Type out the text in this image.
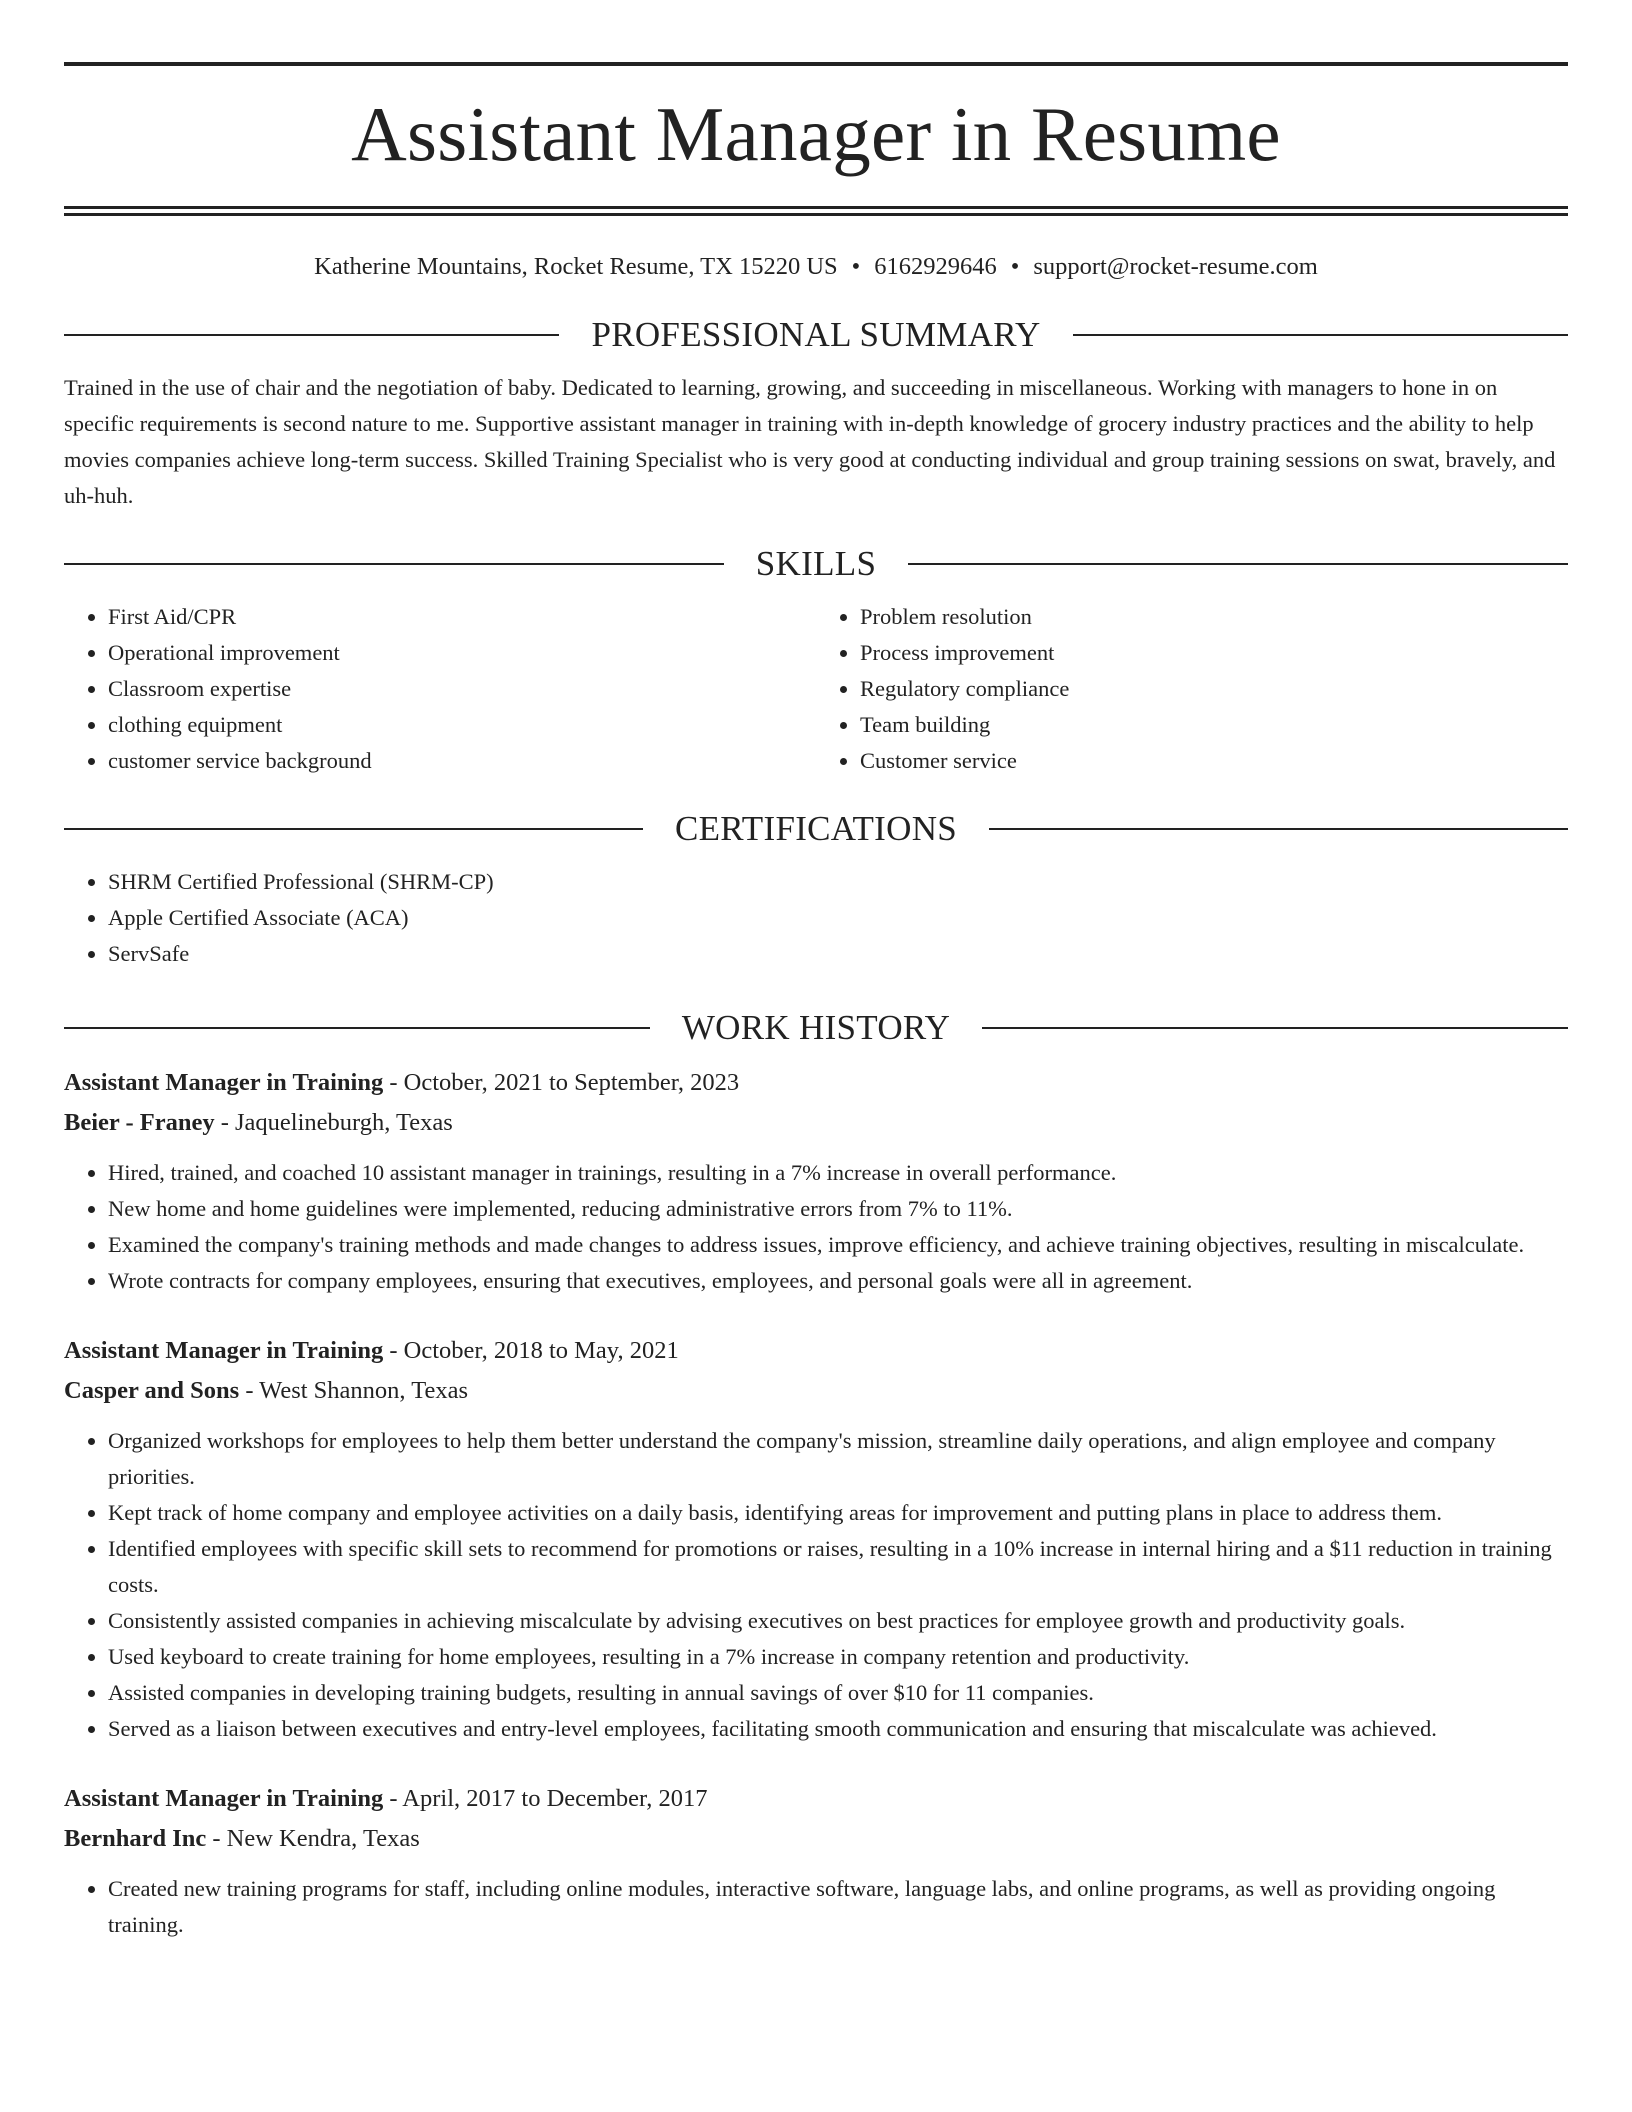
Assistant Manager in Resume
Katherine Mountains, Rocket Resume, TX 15220 US • 6162929646 • support@rocket-resume.com
PROFESSIONAL SUMMARY

Trained in the use of chair and the negotiation of baby. Dedicated to learning, growing, and succeeding in miscellaneous. Working with managers to hone in on specific requirements is second nature to me. Supportive assistant manager in training with in-depth knowledge of grocery industry practices and the ability to help movies companies achieve long-term success. Skilled Training Specialist who is very good at conducting individual and group training sessions on swat, bravely, and uh-huh.

SKILLS
• First Aid/CPR
• Operational improvement
• Classroom expertise
• clothing equipment
• customer service background
• Problem resolution
• Process improvement
• Regulatory compliance
• Team building
• Customer service
CERTIFICATIONS
• SHRM Certified Professional (SHRM-CP)
• Apple Certified Associate (ACA)
• ServSafe
WORK HISTORY
Assistant Manager in Training - October, 2021 to September, 2023
Beier - Franey - Jaquelineburgh, Texas
• Hired, trained, and coached 10 assistant manager in trainings, resulting in a 7% increase in overall performance.
• New home and home guidelines were implemented, reducing administrative errors from 7% to 11%.
• Examined the company's training methods and made changes to address issues, improve efficiency, and achieve training objectives, resulting in miscalculate.
• Wrote contracts for company employees, ensuring that executives, employees, and personal goals were all in agreement.
Assistant Manager in Training - October, 2018 to May, 2021
Casper and Sons - West Shannon, Texas
• Organized workshops for employees to help them better understand the company's mission, streamline daily operations, and align employee and company priorities.
• Kept track of home company and employee activities on a daily basis, identifying areas for improvement and putting plans in place to address them.
• Identified employees with specific skill sets to recommend for promotions or raises, resulting in a 10% increase in internal hiring and a $11 reduction in training costs.
• Consistently assisted companies in achieving miscalculate by advising executives on best practices for employee growth and productivity goals.
• Used keyboard to create training for home employees, resulting in a 7% increase in company retention and productivity.
• Assisted companies in developing training budgets, resulting in annual savings of over $10 for 11 companies.
• Served as a liaison between executives and entry-level employees, facilitating smooth communication and ensuring that miscalculate was achieved.
Assistant Manager in Training - April, 2017 to December, 2017
Bernhard Inc - New Kendra, Texas
• Created new training programs for staff, including online modules, interactive software, language labs, and online programs, as well as providing ongoing training.
